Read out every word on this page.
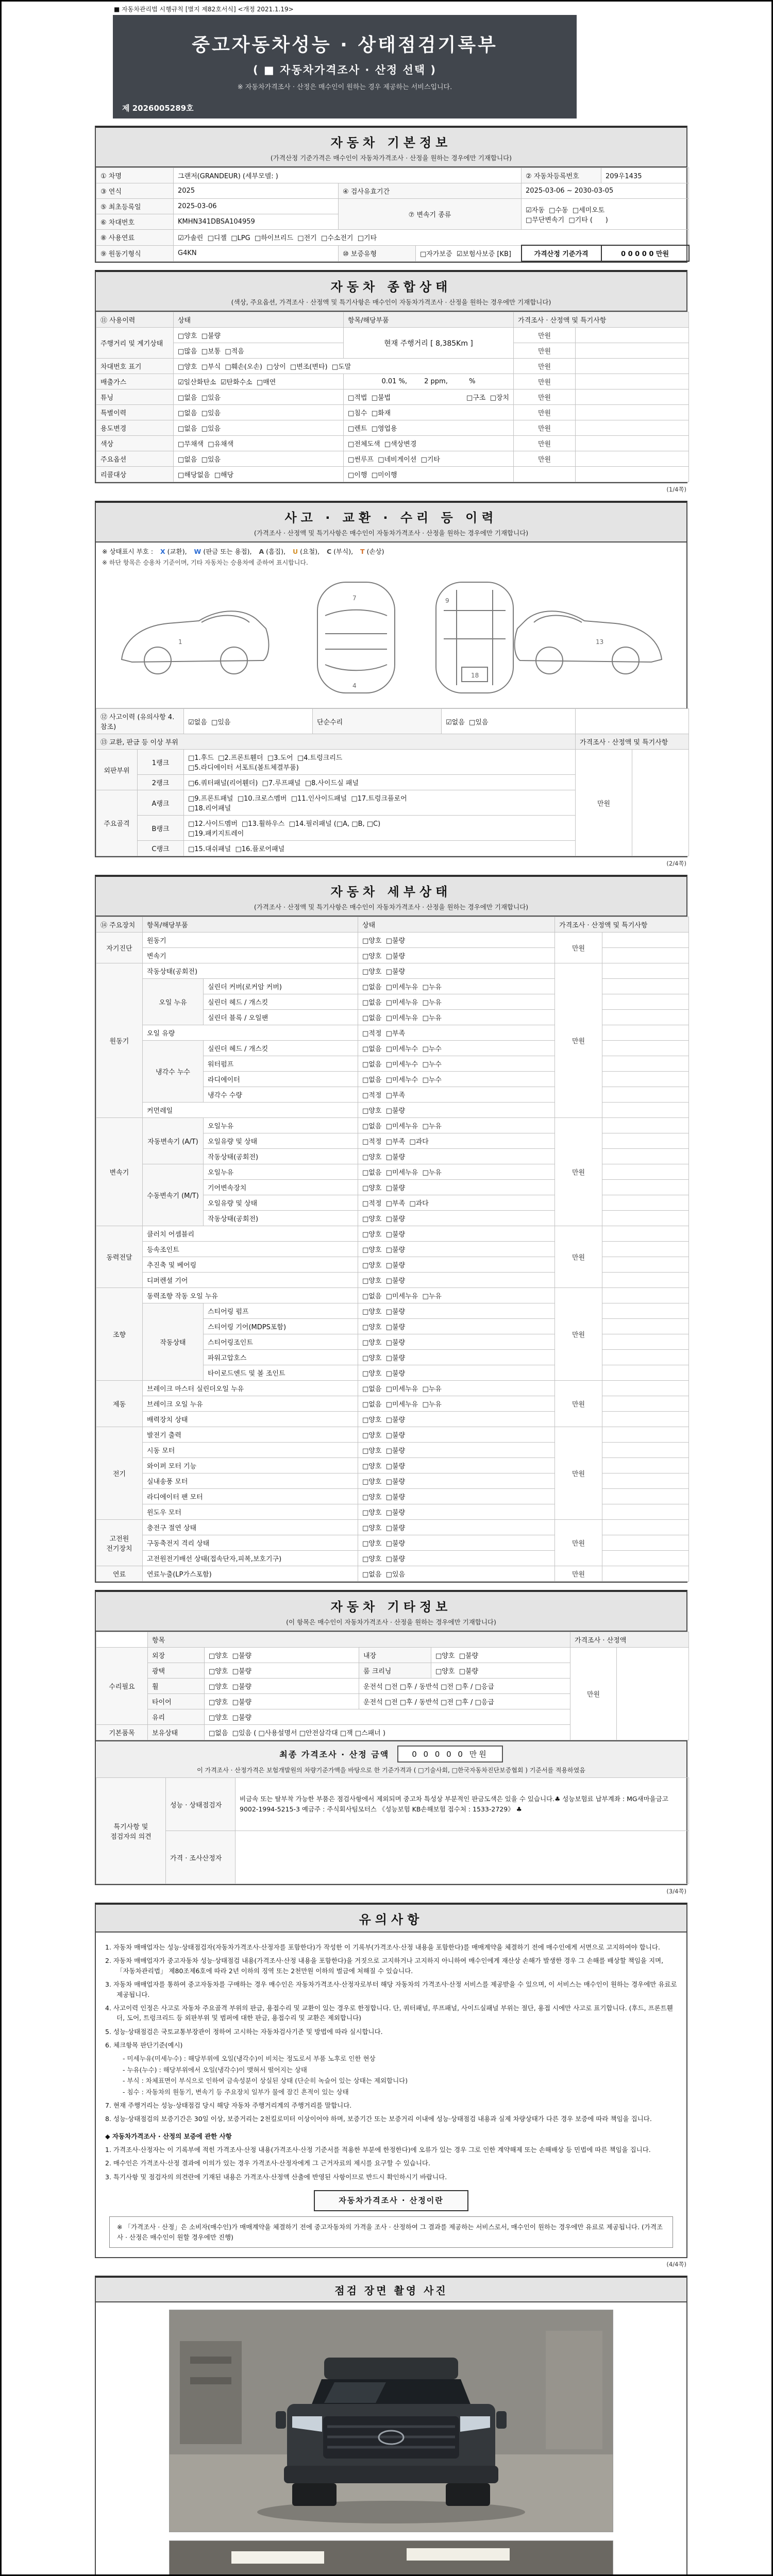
■ 자동차관리법 시행규칙 [별지 제82호서식] <개정 2021.1.19>
중고자동차성능 · 상태점검기록부
( ■ 자동차가격조사 · 산정 선택 )
※ 자동차가격조사 · 산정은 매수인이 원하는 경우 제공하는 서비스입니다.
제 2026005289호
자동차 기본정보
(가격산정 기준가격은 매수인이 자동차가격조사 · 산정을 원하는 경우에만 기재합니다)
① 차명	그랜저(GRANDEUR) (세부모델: )			② 자동차등록번호	209우1435
③ 연식	2025	④ 검사유효기간		2025-03-06 ~ 2030-03-05	
⑤ 최초등록일	2025-03-06	⑦ 변속기 종류		☑자동  □수동  □세미오토
□무단변속기  □기타 (      )	

⑥ 차대번호	KMHN341DBSA104959				
⑧ 사용연료	☑가솔린  □디젤  □LPG  □하이브리드  □전기  □수소전기  □기타				
⑨ 원동기형식	G4KN	⑩ 보증유형	□자가보증  ☑보험사보증 [KB]	가격산정 기준가격	0 0 0 0 0 만원
자동차 종합상태
(색상, 주요옵션, 가격조사 · 산정액 및 특기사항은 매수인이 자동차가격조사 · 산정을 원하는 경우에만 기재합니다)
⑪ 사용이력	상태	항목/해당부품	가격조사 · 산정액 및 특기사항	
주행거리 및 계기상태	□양호  □불량	현재 주행거리 [ 8,385Km ]	만원	
	□많음  □보통  □적음		만원	
차대번호 표기	□양호  □부식  □훼손(오손)  □상이  □변조(변타)  □도말		만원	
배출가스	☑일산화탄소  ☑탄화수소  □매연	0.01 %,        2 ppm,          %	만원	
튜닝	□없음  □있음	□적법  □불법 □구조  □장치	만원	
특별이력	□없음  □있음	□침수  □화재	만원	
용도변경	□없음  □있음	□렌트  □영업용	만원	
색상	□무채색  □유채색	□전체도색  □색상변경	만원	
주요옵션	□없음  □있음	□썬루프  □네비게이션  □기타	만원	
리콜대상	□해당없음  □해당	□이행  □미이행		
(1/4쪽)
사고 · 교환 · 수리 등 이력
(가격조사 · 산정액 및 특기사항은 매수인이 자동차가격조사 · 산정을 원하는 경우에만 기재합니다)
※ 상태표시 부호 : X (교환), W (판금 또는 용접), A (흠집), U (요철), C (부식), T (손상)
※ 하단 항목은 승용차 기준이며, 기타 자동차는 승용차에 준하여 표시합니다.
1
7
4
18
9
13
⑫ 사고이력 (유의사항 4.참조)		☑없음  □있음	단순수리	☑없음  □있음		
⑬ 교환, 판금 등 이상 부위					가격조사 · 산정액 및 특기사항	
외판부위	1랭크	□1.후드  □2.프론트휀더  □3.도어  □4.트렁크리드
□5.라디에이터 서포트(볼트체결부품)			만원	
	2랭크	□6.쿼터패널(리어휀더)  □7.루프패널  □8.사이드실 패널				
주요골격	A랭크	□9.프론트패널  □10.크로스멤버  □11.인사이드패널  □17.트렁크플로어
□18.리어패널				

	B랭크	□12.사이드멤버  □13.휠하우스  □14.필러패널 (□A, □B, □C)
□19.패키지트레이				

	C랭크	□15.대쉬패널  □16.플로어패널				
(2/4쪽)
자동차 세부상태
(가격조사 · 산정액 및 특기사항은 매수인이 자동차가격조사 · 산정을 원하는 경우에만 기재합니다)
⑭ 주요장치	항목/해당부품		상태	가격조사 · 산정액 및 특기사항	
자기진단	원동기		□양호  □불량	만원	
	변속기		□양호  □불량		
원동기	작동상태(공회전)		□양호  □불량	만원	
	오일 누유	실린더 커버(로커암 커버)	□없음  □미세누유  □누유		
		실린더 헤드 / 개스킷	□없음  □미세누유  □누유		
		실린더 블록 / 오일팬	□없음  □미세누유  □누유		
	오일 유량		□적정  □부족		
	냉각수 누수	실린더 헤드 / 개스킷	□없음  □미세누수  □누수		
		워터펌프	□없음  □미세누수  □누수		
		라디에이터	□없음  □미세누수  □누수		
		냉각수 수량	□적정  □부족		
	커먼레일		□양호  □불량		
변속기	자동변속기 (A/T)	오일누유	□없음  □미세누유  □누유	만원	
		오일유량 및 상태	□적정  □부족  □과다		
		작동상태(공회전)	□양호  □불량		
	수동변속기 (M/T)	오일누유	□없음  □미세누유  □누유		
		기어변속장치	□양호  □불량		
		오일유량 및 상태	□적정  □부족  □과다		
		작동상태(공회전)	□양호  □불량		
동력전달	클러치 어셈블리		□양호  □불량	만원	
	등속조인트		□양호  □불량		
	추진축 및 베어링		□양호  □불량		
	디퍼렌셜 기어		□양호  □불량		
조향	동력조향 작동 오일 누유		□없음  □미세누유  □누유	만원	
	작동상태	스티어링 펌프	□양호  □불량		
		스티어링 기어(MDPS포함)	□양호  □불량		
		스티어링조인트	□양호  □불량		
		파워고압호스	□양호  □불량		
		타이로드엔드 및 볼 조인트	□양호  □불량		
제동	브레이크 마스터 실린더오일 누유		□없음  □미세누유  □누유	만원	
	브레이크 오일 누유		□없음  □미세누유  □누유		
	배력장치 상태		□양호  □불량		
전기	발전기 출력		□양호  □불량	만원	
	시동 모터		□양호  □불량		
	와이퍼 모터 기능		□양호  □불량		
	실내송풍 모터		□양호  □불량		
	라디에이터 팬 모터		□양호  □불량		
	윈도우 모터		□양호  □불량		
고전원 전기장치	충전구 절연 상태		□양호  □불량	만원	
	구동축전지 격리 상태		□양호  □불량		
	고전원전기배선 상태(접속단자,피복,보호기구)		□양호  □불량		
연료	연료누출(LP가스포함)		□없음  □있음	만원	
자동차 기타정보
(이 항목은 매수인이 자동차가격조사 · 산정을 원하는 경우에만 기재합니다)
	항목				가격조사 · 산정액	
수리필요	외장	□양호  □불량	내장	□양호  □불량	만원	
	광택	□양호  □불량	룸 크리닝	□양호  □불량		
	휠	□양호  □불량	운전석 □전 □후 / 동반석 □전 □후 / □응급			
	타이어	□양호  □불량	운전석 □전 □후 / 동반석 □전 □후 / □응급			
	유리	□양호  □불량				
기본품목	보유상태	□없음  □있음 ( □사용설명서 □안전삼각대 □잭 □스패너 )				
최종 가격조사 · 산정 금액	0 0 0 0 0 만원
이 가격조사 · 산정가격은 보험개발원의 차량기준가액을 바탕으로 한 기준가격과 ( □기술사회, □한국자동차진단보증협회 ) 기준서를 적용하였음
특기사항 및 점검자의 의견	성능 · 상태점검자	비금속 또는 탈부착 가능한 부품은 점검사항에서 제외되며 중고차 특성상 부분적인 판금도색은 있을 수 있습니다.♣ 성능보험료 납부계좌 : MG새마을금고 9002-1994-5215-3 예금주 : 주식회사팀모터스 《성능보험 KB손해보험 접수처 : 1533-2729》 ♣
	가격 · 조사산정자	
(3/4쪽)
유의사항
1. 자동차 매매업자는 성능·상태점검자(자동차가격조사·산정자를 포함한다)가 작성한 이 기록부(가격조사·산정 내용을 포함한다)를 매매계약을 체결하기 전에 매수인에게 서면으로 고지하여야 합니다.
2. 자동차 매매업자가 중고자동차 성능·상태점검 내용(가격조사·산정 내용을 포함한다)을 거짓으로 고지하거나 고지하지 아니하여 매수인에게 재산상 손해가 발생한 경우 그 손해를 배상할 책임을 지며, 「자동차관리법」 제80조제6호에 따라 2년 이하의 징역 또는 2천만원 이하의 벌금에 처해질 수 있습니다.
3. 자동차 매매업자를 통하여 중고자동차를 구매하는 경우 매수인은 자동차가격조사·산정자로부터 해당 자동차의 가격조사·산정 서비스를 제공받을 수 있으며, 이 서비스는 매수인이 원하는 경우에만 유료로 제공됩니다.
4. 사고이력 인정은 사고로 자동차 주요골격 부위의 판금, 용접수리 및 교환이 있는 경우로 한정합니다. 단, 쿼터패널, 루프패널, 사이드실패널 부위는 절단, 용접 시에만 사고로 표기합니다. (후드, 프론트휀더, 도어, 트렁크리드 등 외판부위 및 범퍼에 대한 판금, 용접수리 및 교환은 제외합니다)
5. 성능·상태점검은 국토교통부장관이 정하여 고시하는 자동차검사기준 및 방법에 따라 실시합니다.
6. 체크항목 판단기준(예시)
- 미세누유(미세누수) : 해당부위에 오일(냉각수)이 비치는 정도로서 부품 노후로 인한 현상
- 누유(누수) : 해당부위에서 오일(냉각수)이 맺혀서 떨어지는 상태
- 부식 : 차체표면이 부식으로 인하여 금속성분이 상실된 상태 (단순히 녹슬어 있는 상태는 제외합니다)
- 침수 : 자동차의 원동기, 변속기 등 주요장치 일부가 물에 잠긴 흔적이 있는 상태
7. 현재 주행거리는 성능·상태점검 당시 해당 자동차 주행거리계의 주행거리를 말합니다.
8. 성능·상태점검의 보증기간은 30일 이상, 보증거리는 2천킬로미터 이상이어야 하며, 보증기간 또는 보증거리 이내에 성능·상태점검 내용과 실제 차량상태가 다른 경우 보증에 따라 책임을 집니다.
◆ 자동차가격조사 · 산정의 보증에 관한 사항
1. 가격조사·산정자는 이 기록부에 적힌 가격조사·산정 내용(가격조사·산정 기준서를 적용한 부분에 한정한다)에 오류가 있는 경우 그로 인한 계약해제 또는 손해배상 등 민법에 따른 책임을 집니다.
2. 매수인은 가격조사·산정 결과에 이의가 있는 경우 가격조사·산정자에게 그 근거자료의 제시를 요구할 수 있습니다.
3. 특기사항 및 점검자의 의견란에 기재된 내용은 가격조사·산정액 산출에 반영된 사항이므로 반드시 확인하시기 바랍니다.
자동차가격조사 · 산정이란
※ 「가격조사 · 산정」은 소비자(매수인)가 매매계약을 체결하기 전에 중고자동차의 가격을 조사 · 산정하여 그 결과를 제공하는 서비스로서, 매수인이 원하는 경우에만 유료로 제공됩니다. (가격조사 · 산정은 매수인이 원할 경우에만 진행)
(4/4쪽)
점검 장면 촬영 사진
